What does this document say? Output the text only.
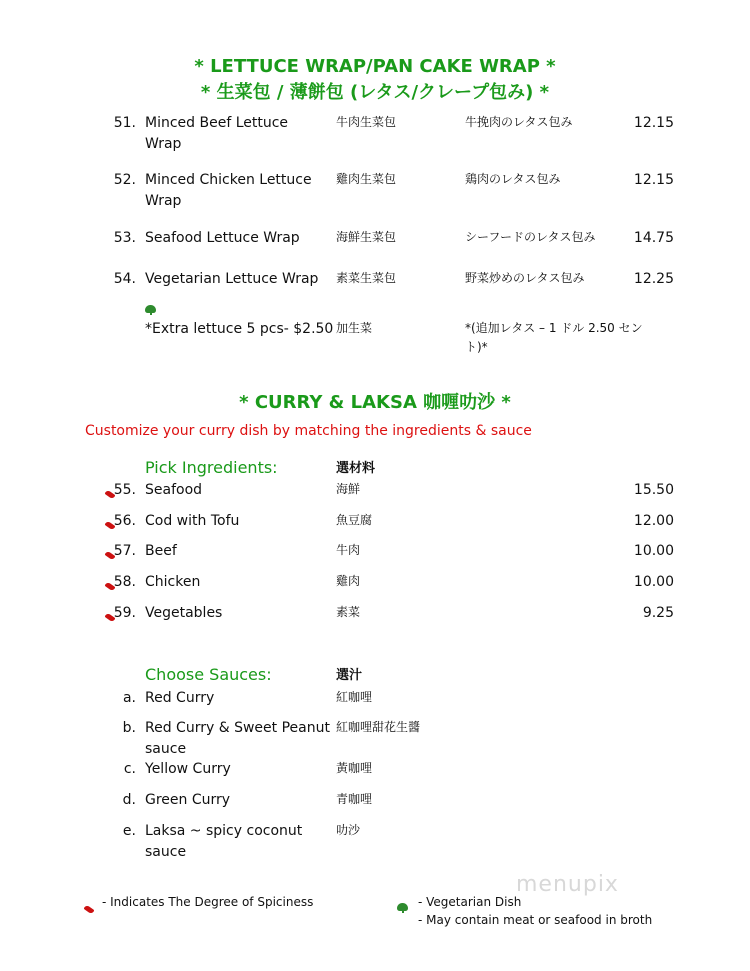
* LETTUCE WRAP/PAN CAKE WRAP *
* 生菜包 / 薄餅包 (レタス/クレープ包み) *
51. Minced Beef Lettuce
Wrap
牛肉生菜包	牛挽肉のレタス包み	12.15
52. Minced Chicken Lettuce
Wrap
雞肉生菜包	鶏肉のレタス包み	12.15
53. Seafood Lettuce Wrap	海鮮生菜包	シーフードのレタス包み	14.75
54. Vegetarian Lettuce Wrap 素菜生菜包	野菜炒めのレタス包み	12.25
*Extra lettuce 5 pcs- $2.50 加生菜	*(追加レタス – 1 ドル 2.50 セン
ト)*
* CURRY & LAKSA 咖喱叻沙 *
Customize your curry dish by matching the ingredients & sauce
Pick Ingredients:	選材料
55. Seafood	海鮮	15.50
56. Cod with Tofu	魚豆腐	12.00
57. Beef	牛肉	10.00
58. Chicken	雞肉	10.00
59. Vegetables	素菜	9.25
Choose Sauces:	選汁
a. Red Curry	紅咖哩
b. Red Curry & Sweet Peanut
sauce
紅咖哩甜花生醬
c. Yellow Curry	黃咖哩
d. Green Curry	青咖哩
e. Laksa ~ spicy coconut
sauce
叻沙
menupix
- Indicates The Degree of Spiciness	- Vegetarian Dish
- May contain meat or seafood in broth
